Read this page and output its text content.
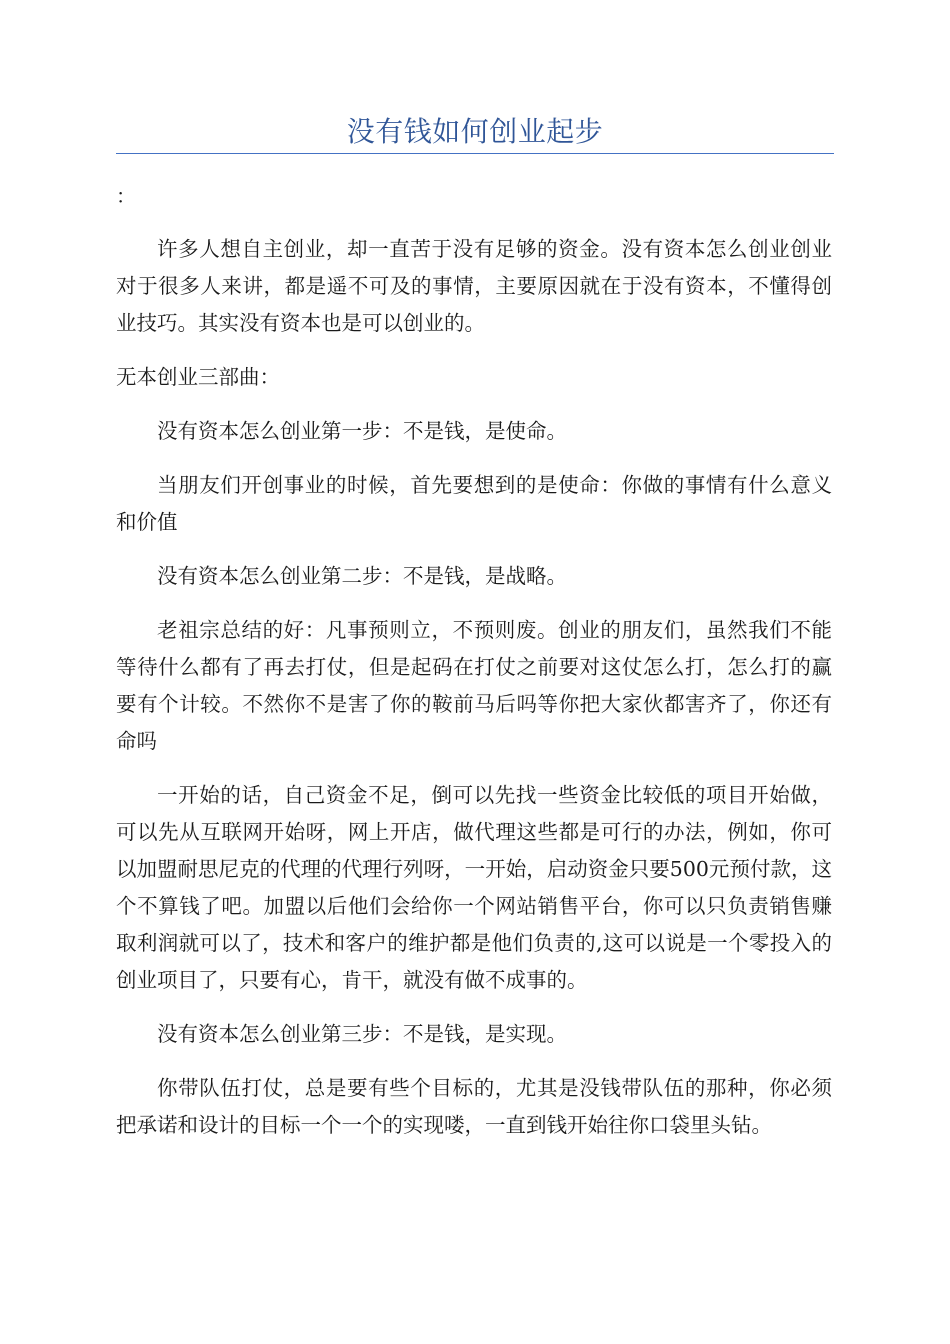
没有钱如何创业起步
：

许多人想自主创业，却一直苦于没有足够的资金。没有资本怎么创业创业对于很多人来讲，都是遥不可及的事情，主要原因就在于没有资本，不懂得创业技巧。其实没有资本也是可以创业的。

无本创业三部曲：

没有资本怎么创业第一步：不是钱，是使命。

当朋友们开创事业的时候，首先要想到的是使命：你做的事情有什么意义和价值

没有资本怎么创业第二步：不是钱，是战略。

老祖宗总结的好：凡事预则立，不预则废。创业的朋友们，虽然我们不能等待什么都有了再去打仗，但是起码在打仗之前要对这仗怎么打，怎么打的赢要有个计较。不然你不是害了你的鞍前马后吗等你把大家伙都害齐了，你还有命吗

一开始的话，自己资金不足，倒可以先找一些资金比较低的项目开始做，可以先从互联网开始呀，网上开店，做代理这些都是可行的办法，例如，你可以加盟耐思尼克的代理的代理行列呀，一开始，启动资金只要500元预付款，这个不算钱了吧。加盟以后他们会给你一个网站销售平台，你可以只负责销售赚取利润就可以了，技术和客户的维护都是他们负责的,这可以说是一个零投入的创业项目了，只要有心，肯干，就没有做不成事的。

没有资本怎么创业第三步：不是钱，是实现。

你带队伍打仗，总是要有些个目标的，尤其是没钱带队伍的那种，你必须把承诺和设计的目标一个一个的实现喽，一直到钱开始往你口袋里头钻。
